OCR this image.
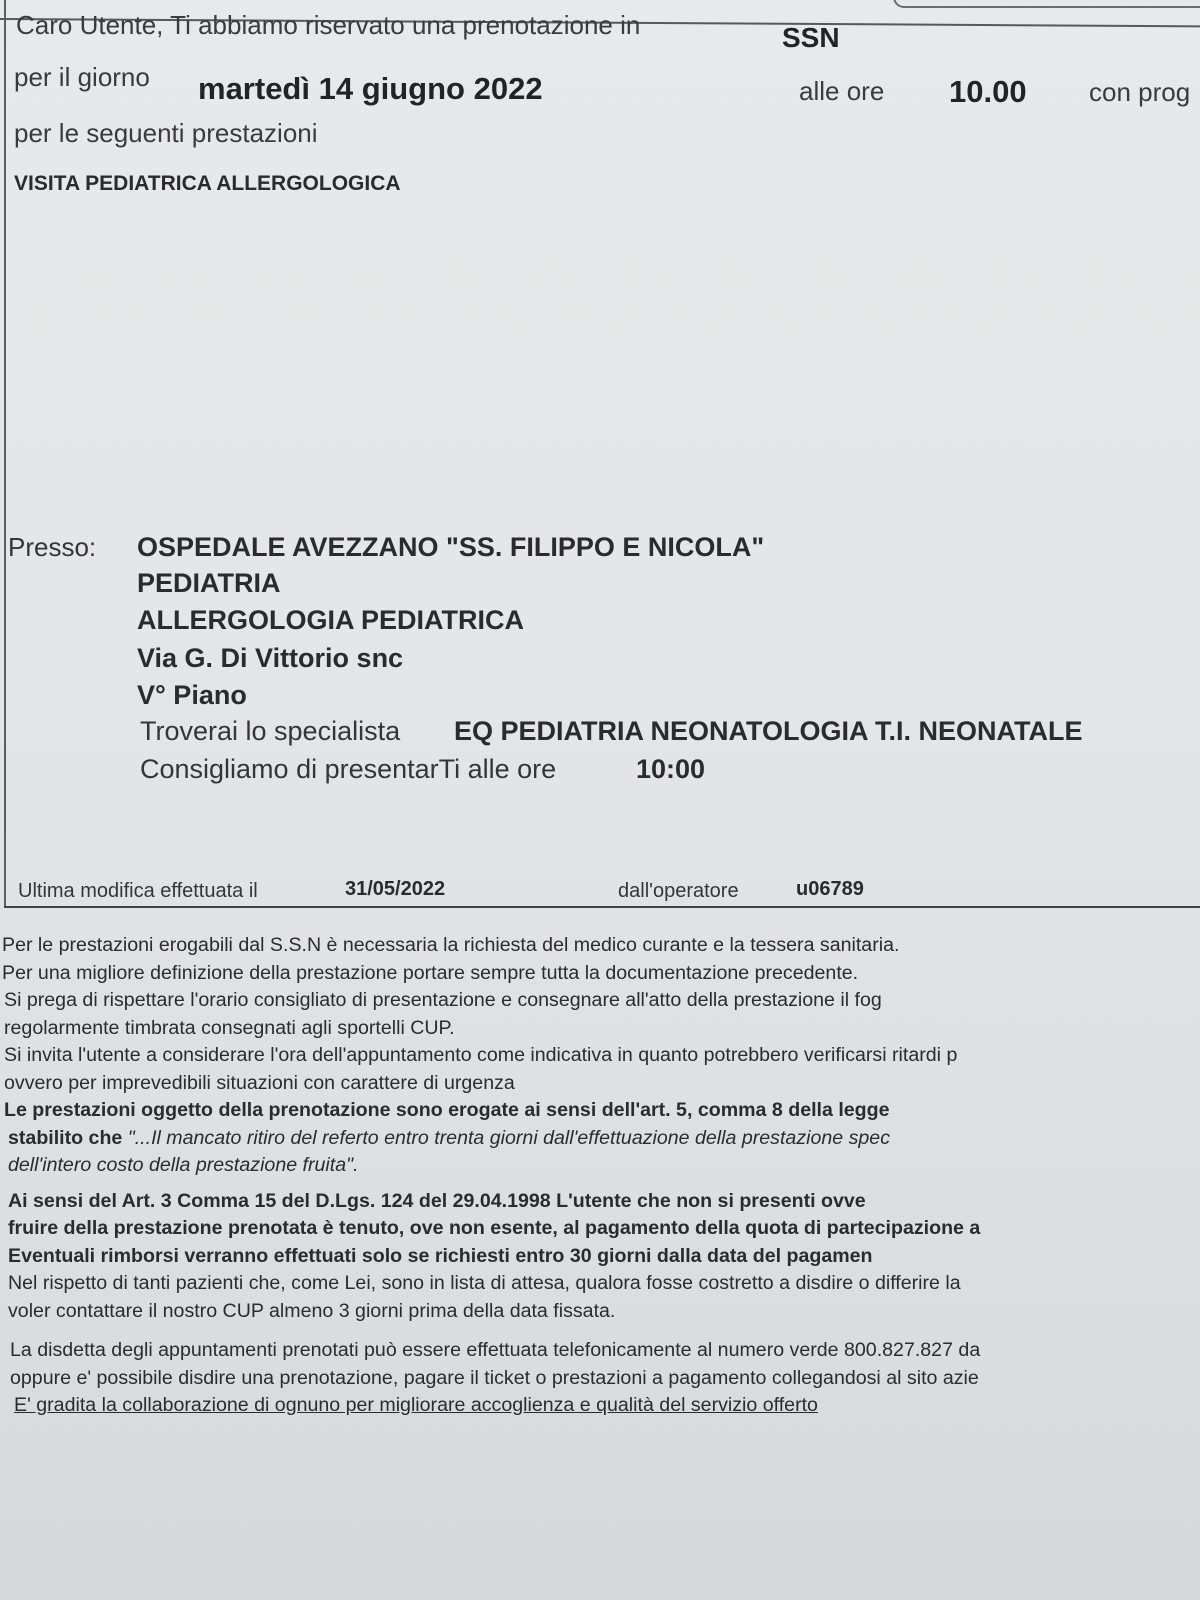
Caro Utente, Ti abbiamo riservato una prenotazione in	SSN
per il giorno martedì 14 giugno 2022	alle ore 10.00 con prog
per le seguenti prestazioni
VISITA PEDIATRICA ALLERGOLOGICA
Presso: OSPEDALE AVEZZANO "SS. FILIPPO E NICOLA"
PEDIATRIA
ALLERGOLOGIA PEDIATRICA
Via G. Di Vittorio snc
V° Piano
Troverai lo specialista EQ PEDIATRIA NEONATOLOGIA T.I. NEONATALE
Consigliamo di presentarTi alle ore	10:00
Ultima modifica effettuata il	31/05/2022	dall'operatore	u06789
Per le prestazioni erogabili dal S.S.N è necessaria la richiesta del medico curante e la tessera sanitaria.
Per una migliore definizione della prestazione portare sempre tutta la documentazione precedente.
Si prega di rispettare l'orario consigliato di presentazione e consegnare all'atto della prestazione il fog
regolarmente timbrata consegnati agli sportelli CUP.
Si invita l'utente a considerare l'ora dell'appuntamento come indicativa in quanto potrebbero verificarsi ritardi p
ovvero per imprevedibili situazioni con carattere di urgenza
Le prestazioni oggetto della prenotazione sono erogate ai sensi dell'art. 5, comma 8 della legge
stabilito che "...Il mancato ritiro del referto entro trenta giorni dall'effettuazione della prestazione spec
dell'intero costo della prestazione fruita".
Ai sensi del Art. 3 Comma 15 del D.Lgs. 124 del 29.04.1998 L'utente che non si presenti ovve
fruire della prestazione prenotata è tenuto, ove non esente, al pagamento della quota di partecipazione a
Eventuali rimborsi verranno effettuati solo se richiesti entro 30 giorni dalla data del pagamen
Nel rispetto di tanti pazienti che, come Lei, sono in lista di attesa, qualora fosse costretto a disdire o differire la
voler contattare il nostro CUP almeno 3 giorni prima della data fissata.
La disdetta degli appuntamenti prenotati può essere effettuata telefonicamente al numero verde 800.827.827 da
oppure e' possibile disdire una prenotazione, pagare il ticket o prestazioni a pagamento collegandosi al sito azie
E' gradita la collaborazione di ognuno per migliorare accoglienza e qualità del servizio offerto
